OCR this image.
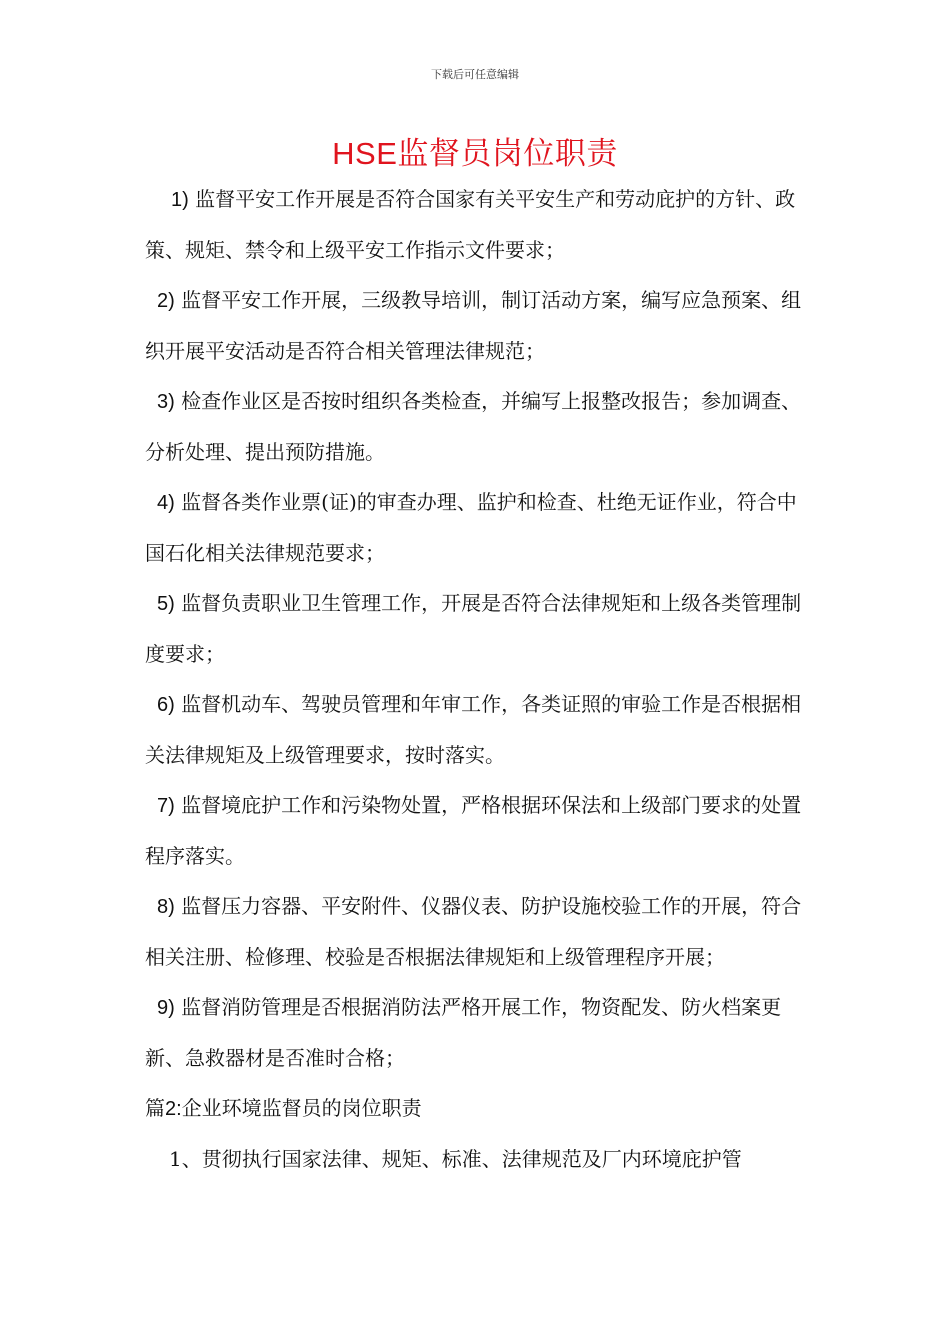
下载后可任意编辑
HSE监督员岗位职责

1) 监督平安工作开展是否符合国家有关平安生产和劳动庇护的方针、政策、规矩、禁令和上级平安工作指示文件要求；

2) 监督平安工作开展，三级教导培训，制订活动方案，编写应急预案、组织开展平安活动是否符合相关管理法律规范；

3) 检查作业区是否按时组织各类检查，并编写上报整改报告；参加调查、分析处理、提出预防措施。

4) 监督各类作业票(证)的审查办理、监护和检查、杜绝无证作业，符合中国石化相关法律规范要求；

5) 监督负责职业卫生管理工作，开展是否符合法律规矩和上级各类管理制度要求；

6) 监督机动车、驾驶员管理和年审工作，各类证照的审验工作是否根据相关法律规矩及上级管理要求，按时落实。

7) 监督境庇护工作和污染物处置，严格根据环保法和上级部门要求的处置程序落实。

8) 监督压力容器、平安附件、仪器仪表、防护设施校验工作的开展，符合相关注册、检修理、校验是否根据法律规矩和上级管理程序开展；

9) 监督消防管理是否根据消防法严格开展工作，物资配发、防火档案更新、急救器材是否准时合格；

篇2:企业环境监督员的岗位职责

1、贯彻执行国家法律、规矩、标准、法律规范及厂内环境庇护管
